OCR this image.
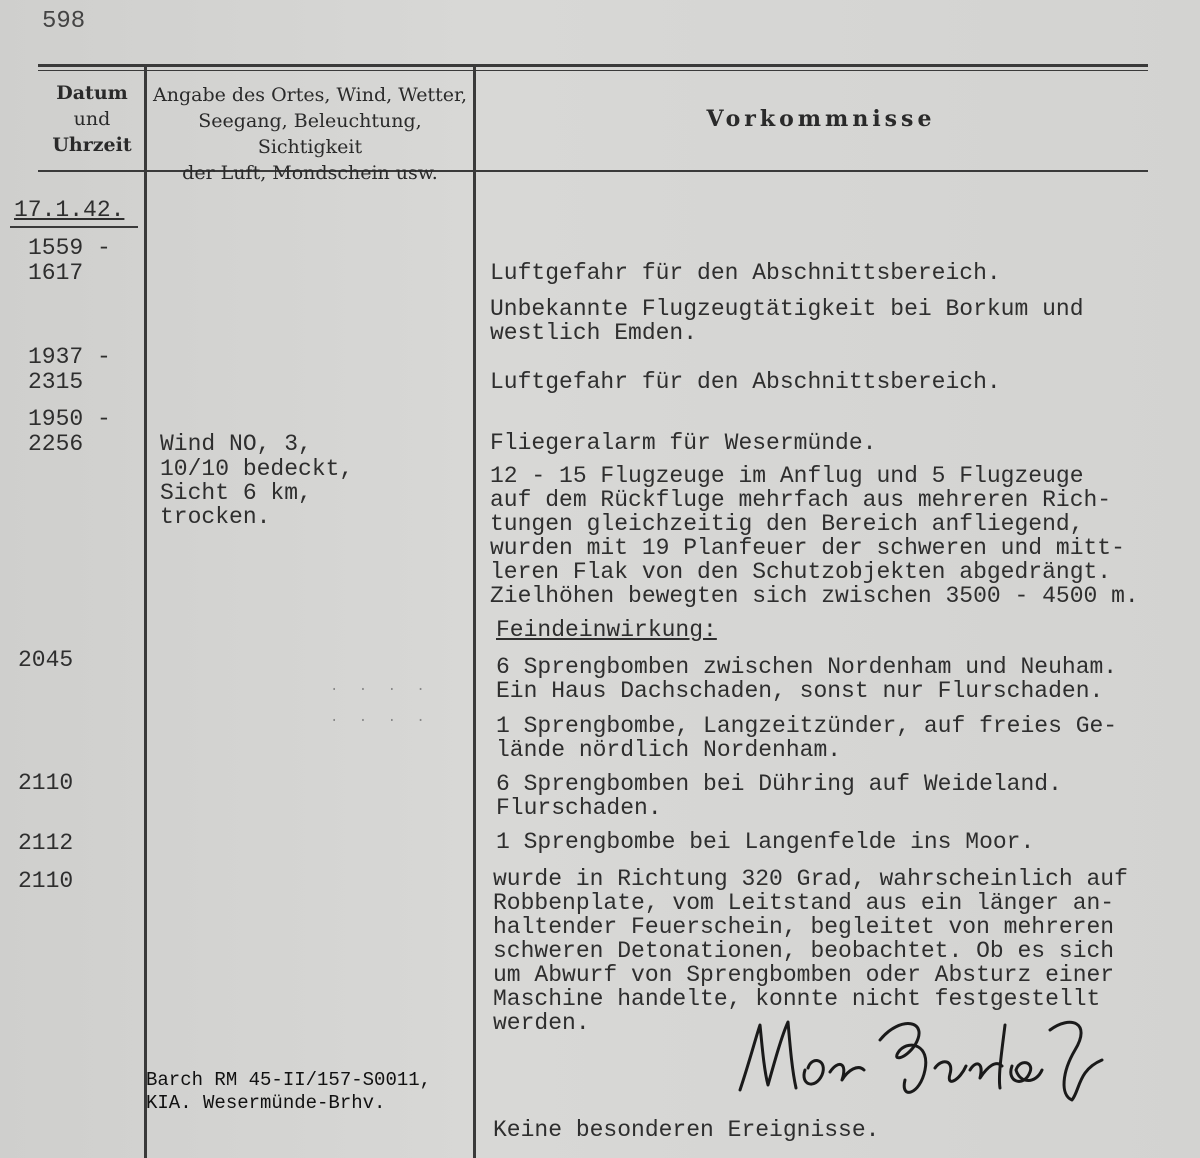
598
Datum
und
Uhrzeit
Angabe des Ortes, Wind, Wetter,
Seegang, Beleuchtung, Sichtigkeit
der Luft, Mondschein usw.
Vorkommnisse
17.1.42.
1559 -
1617
1937 -
2315
1950 -
2256
2045
2110
2112
2110
Wind NO, 3,
10/10 bedeckt,
Sicht 6 km,
trocken.
· · · ·
· · · ·
Luftgefahr für den Abschnittsbereich.
Unbekannte Flugzeugtätigkeit bei Borkum und
westlich Emden.
Luftgefahr für den Abschnittsbereich.
Fliegeralarm für Wesermünde.
12 - 15 Flugzeuge im Anflug und 5 Flugzeuge
auf dem Rückfluge mehrfach aus mehreren Rich-
tungen gleichzeitig den Bereich anfliegend,
wurden mit 19 Planfeuer der schweren und mitt-
leren Flak von den Schutzobjekten abgedrängt.
Zielhöhen bewegten sich zwischen 3500 - 4500 m.
Feindeinwirkung:
6 Sprengbomben zwischen Nordenham und Neuham.
Ein Haus Dachschaden, sonst nur Flurschaden.
1 Sprengbombe, Langzeitzünder, auf freies Ge-
lände nördlich Nordenham.
6 Sprengbomben bei Dühring auf Weideland.
Flurschaden.
1 Sprengbombe bei Langenfelde ins Moor.
wurde in Richtung 320 Grad, wahrscheinlich auf
Robbenplate, vom Leitstand aus ein länger an-
haltender Feuerschein, begleitet von mehreren
schweren Detonationen, beobachtet. Ob es sich
um Abwurf von Sprengbomben oder Absturz einer
Maschine handelte, konnte nicht festgestellt
werden.
Keine besonderen Ereignisse.
Barch RM 45-II/157-S0011,
KIA. Wesermünde-Brhv.
